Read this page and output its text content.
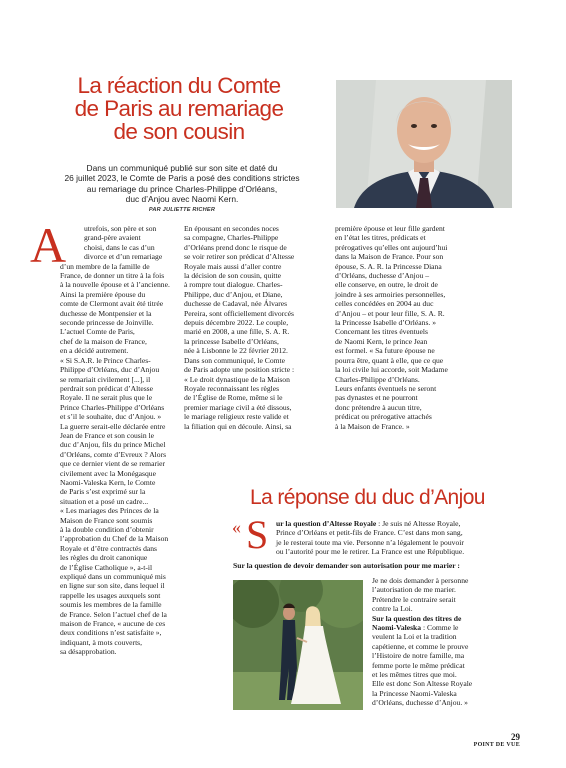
La réaction du Comte
de Paris au remariage
de son cousin
Dans un communiqué publié sur son site et daté du
26 juillet 2023, le Comte de Paris a posé des conditions strictes
au remariage du prince Charles-Philippe d’Orléans,
duc d’Anjou avec Naomi Kern.
PAR JULIETTE RICHER
A	utrefois, son père et son
grand-père avaient
choisi, dans le cas d’un
divorce et d’un remariage
d’un membre de la famille de
France, de donner un titre à la fois
à la nouvelle épouse et à l’ancienne.
Ainsi la première épouse du
comte de Clermont avait été titrée
duchesse de Montpensier et la
seconde princesse de Joinville.
L’actuel Comte de Paris,
chef de la maison de France,
en a décidé autrement.
« Si S.A.R. le Prince Charles-
Philippe d’Orléans, duc d’Anjou
se remariait civilement [...], il
perdrait son prédicat d’Altesse
Royale. Il ne serait plus que le
Prince Charles-Philippe d’Orléans
et s’il le souhaite, duc d’Anjou. »
La guerre serait-elle déclarée entre
Jean de France et son cousin le
duc d’Anjou, fils du prince Michel
d’Orléans, comte d’Evreux ? Alors
que ce dernier vient de se remarier
civilement avec la Monégasque
Naomi-Valeska Kern, le Comte
de Paris s’est exprimé sur la
situation et a posé un cadre...
« Les mariages des Princes de la
Maison de France sont soumis
à la double condition d’obtenir
l’approbation du Chef de la Maison
Royale et d’être contractés dans
les règles du droit canonique
de l’Église Catholique », a-t-il
expliqué dans un communiqué mis
en ligne sur son site, dans lequel il
rappelle les usages auxquels sont
soumis les membres de la famille
de France. Selon l’actuel chef de la
maison de France, « aucune de ces
deux conditions n’est satisfaite »,
indiquant, à mots couverts,
sa désapprobation.
En épousant en secondes noces
sa compagne, Charles-Philippe
d’Orléans prend donc le risque de
se voir retirer son prédicat d’Altesse
Royale mais aussi d’aller contre
la décision de son cousin, quitte
à rompre tout dialogue. Charles-
Philippe, duc d’Anjou, et Diane,
duchesse de Cadaval, née Álvares
Pereira, sont officiellement divorcés
depuis décembre 2022. Le couple,
marié en 2008, a une fille, S. A. R.
la princesse Isabelle d’Orléans,
née à Lisbonne le 22 février 2012.
Dans son communiqué, le Comte
de Paris adopte une position stricte :
« Le droit dynastique de la Maison
Royale reconnaissant les règles
de l’Église de Rome, même si le
premier mariage civil a été dissous,
le mariage religieux reste valide et
la filiation qui en découle. Ainsi, sa
première épouse et leur fille gardent
en l’état les titres, prédicats et
prérogatives qu’elles ont aujourd’hui
dans la Maison de France. Pour son
épouse, S. A. R. la Princesse Diana
d’Orléans, duchesse d’Anjou –
elle conserve, en outre, le droit de
joindre à ses armoiries personnelles,
celles concédées en 2004 au duc
d’Anjou – et pour leur fille, S. A. R.
la Princesse Isabelle d’Orléans. »
Concernant les titres éventuels
de Naomi Kern, le prince Jean
est formel. « Sa future épouse ne
pourra être, quant à elle, que ce que
la loi civile lui accorde, soit Madame
Charles-Philippe d’Orléans.
Leurs enfants éventuels ne seront
pas dynastes et ne pourront
donc prétendre à aucun titre,
prédicat ou prérogative attachés
à la Maison de France. »
La réponse du duc d’Anjou
« S ur la question d’Altesse Royale : Je suis né Altesse Royale,
Prince d’Orléans et petit-fils de France. C’est dans mon sang,
je le resterai toute ma vie. Personne n’a légalement le pouvoir
ou l’autorité pour me le retirer. La France est une République.
Sur la question de devoir demander son autorisation pour me marier :
Je ne dois demander à personne
l’autorisation de me marier.
Prétendre le contraire serait
contre la Loi.
Sur la question des titres de
Naomi-Valeska : Comme le
veulent la Loi et la tradition
capétienne, et comme le prouve
l’Histoire de notre famille, ma
femme porte le même prédicat
et les mêmes titres que moi.
Elle est donc Son Altesse Royale
la Princesse Naomi-Valeska
d’Orléans, duchesse d’Anjou. »
29
POINT DE VUE
